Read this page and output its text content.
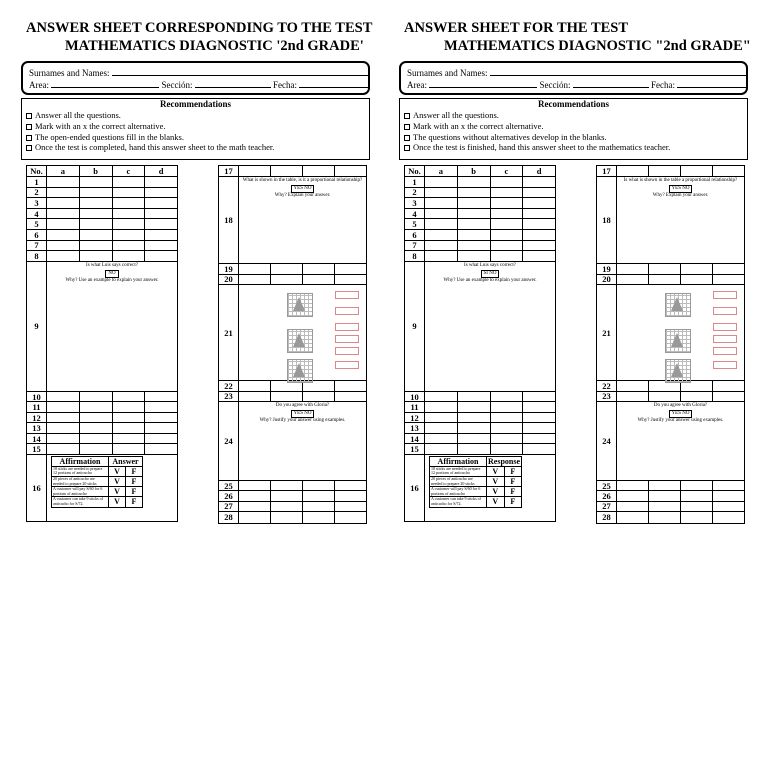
ANSWER SHEET CORRESPONDING TO THE TEST
MATHEMATICS DIAGNOSTIC '2nd GRADE'
Surnames and Names:
Area:	Sección:	Fecha:
Recommendations
Answer all the questions.
Mark with an x the correct alternative.
The open-ended questions fill in the blanks.
Once the test is completed, hand this answer sheet to the math teacher.
No.	a	b	c	d
1
2
3
4
5
6
7
8
9
Is what Luis says correct?
NO
Why? Use an example to explain your answer.
10
11
12
13
14
15
16
Affirmation	Answer	
18 sticks are needed to prepare 12 portions of anticucho	V	F
20 pieces of anticucho are needed to prepare 20 sticks	V	F
A customer will pay S/60 for 6 portions of anticucho	V	F
A customer can take 9 sticks of anticucho for S/72.	V	F
17
18
What is shown in the table, is it a proportional relationship?
YES NO
Why? Explain your answer.
19
20
21
22
23
24
Do you agree with Gloria?
YES NO
Why? Justify your answer using examples.
25
26
27
28
ANSWER SHEET FOR THE TEST
MATHEMATICS DIAGNOSTIC "2nd GRADE"
Surnames and Names:
Area:	Sección:	Fecha:
Recommendations
Answer all the questions.
Mark with an x the correct alternative.
The questions without alternatives develop in the blanks.
Once the test is finished, hand this answer sheet to the mathematics teacher.
No.	a	b	c	d
1
2
3
4
5
6
7
8
9
Is what Luis says correct?
SI NO
Why? Use an example to explain your answer.
10
11
12
13
14
15
16
Affirmation	Response	
18 sticks are needed to prepare 12 portions of anticucho	V	F
20 pieces of anticucho are needed to prepare 20 sticks	V	F
A customer will pay S/60 for 6 portions of anticucho	V	F
A customer can take 9 sticks of anticucho for S/72.	V	F
17
18
Is what is shown in the table a proportional relationship?
YES NO
Why? Explain your answer.
19
20
21
22
23
24
Do you agree with Gloria?
YES NO
Why? Justify your answer using examples.
25
26
27
28
